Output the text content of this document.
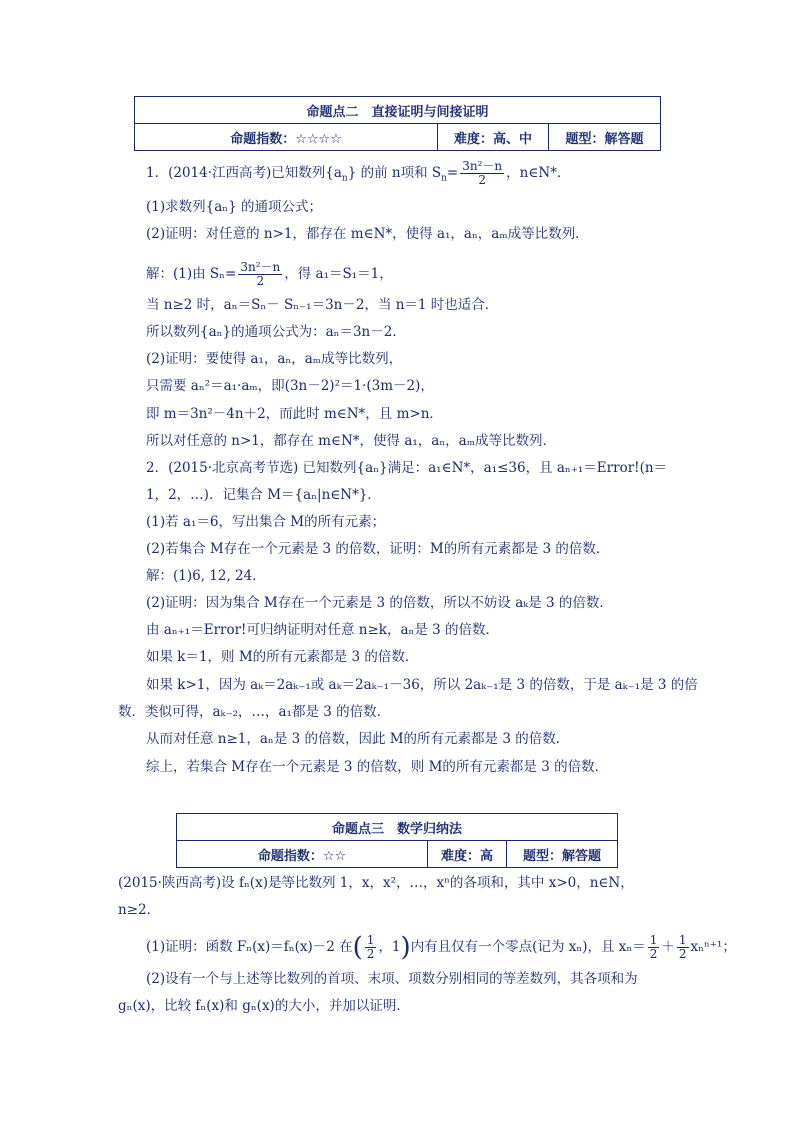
命题点二　直接证明与间接证明
命题指数：☆☆☆☆	难度：高、中	题型：解答题
1．(2014·江西高考)已知数列$\{a_n\}$ 的前 n项和 $S_n= \frac{\text{3n²－n}}{2}$ ，n∈N*．
(1)求数列{aₙ} 的通项公式；
(2)证明：对任意的 n>1，都存在 m∈N*，使得 a₁，aₙ，aₘ成等比数列．
解：(1)由 $S_n= \frac{\text{3n²－n}}{2}$ ，得 a₁＝S₁＝1，
当 n≥2 时，aₙ＝Sₙ－ Sₙ₋₁＝3n－2，当 n＝1 时也适合．
所以数列{aₙ}的通项公式为：aₙ＝3n－2．
(2)证明：要使得 a₁，aₙ，aₘ成等比数列，
只需要 aₙ²＝a₁·aₘ，即(3n－2)²＝1·(3m－2)，
即 m＝3n²－4n＋2，而此时 m∈N*，且 m>n．
所以对任意的 n>1，都存在 m∈N*，使得 a₁，aₙ，aₘ成等比数列．
2．(2015·北京高考节选) 已知数列{aₙ}满足：a₁∈N*，a₁≤36，且 aₙ₊₁＝Error!(n＝
1，2，…)．记集合 M＝{aₙ|n∈N*}．
(1)若 a₁＝6，写出集合 M的所有元素；
(2)若集合 M存在一个元素是 3 的倍数，证明：M的所有元素都是 3 的倍数．
解：(1)6, 12, 24．
(2)证明：因为集合 M存在一个元素是 3 的倍数，所以不妨设 aₖ是 3 的倍数．
由 aₙ₊₁＝Error!可归纳证明对任意 n≥k，aₙ是 3 的倍数．
如果 k＝1，则 M的所有元素都是 3 的倍数．
如果 k>1，因为 aₖ＝2aₖ₋₁或 aₖ＝2aₖ₋₁－36，所以 2aₖ₋₁是 3 的倍数，于是 aₖ₋₁是 3 的倍
数．类似可得，aₖ₋₂，…，a₁都是 3 的倍数．
从而对任意 n≥1，aₙ是 3 的倍数，因此 M的所有元素都是 3 的倍数．
综上，若集合 M存在一个元素是 3 的倍数，则 M的所有元素都是 3 的倍数．
命题点三　数学归纳法
命题指数：☆☆	难度：高	题型：解答题
(2015·陕西高考)设 fₙ(x)是等比数列 1，x，x²，…，xⁿ的各项和，其中 x>0，n∈N，
n≥2．
(1)证明：函数 Fₙ(x)＝fₙ(x)－2 在( $\frac{1}{2}$ ，1)内有且仅有一个零点(记为 xₙ)，且 $x_n= \frac{1}{2} + \frac{1}{2} x_n^{n+1}$；
(2)设有一个与上述等比数列的首项、末项、项数分别相同的等差数列，其各项和为
gₙ(x)，比较 fₙ(x)和 gₙ(x)的大小，并加以证明．
